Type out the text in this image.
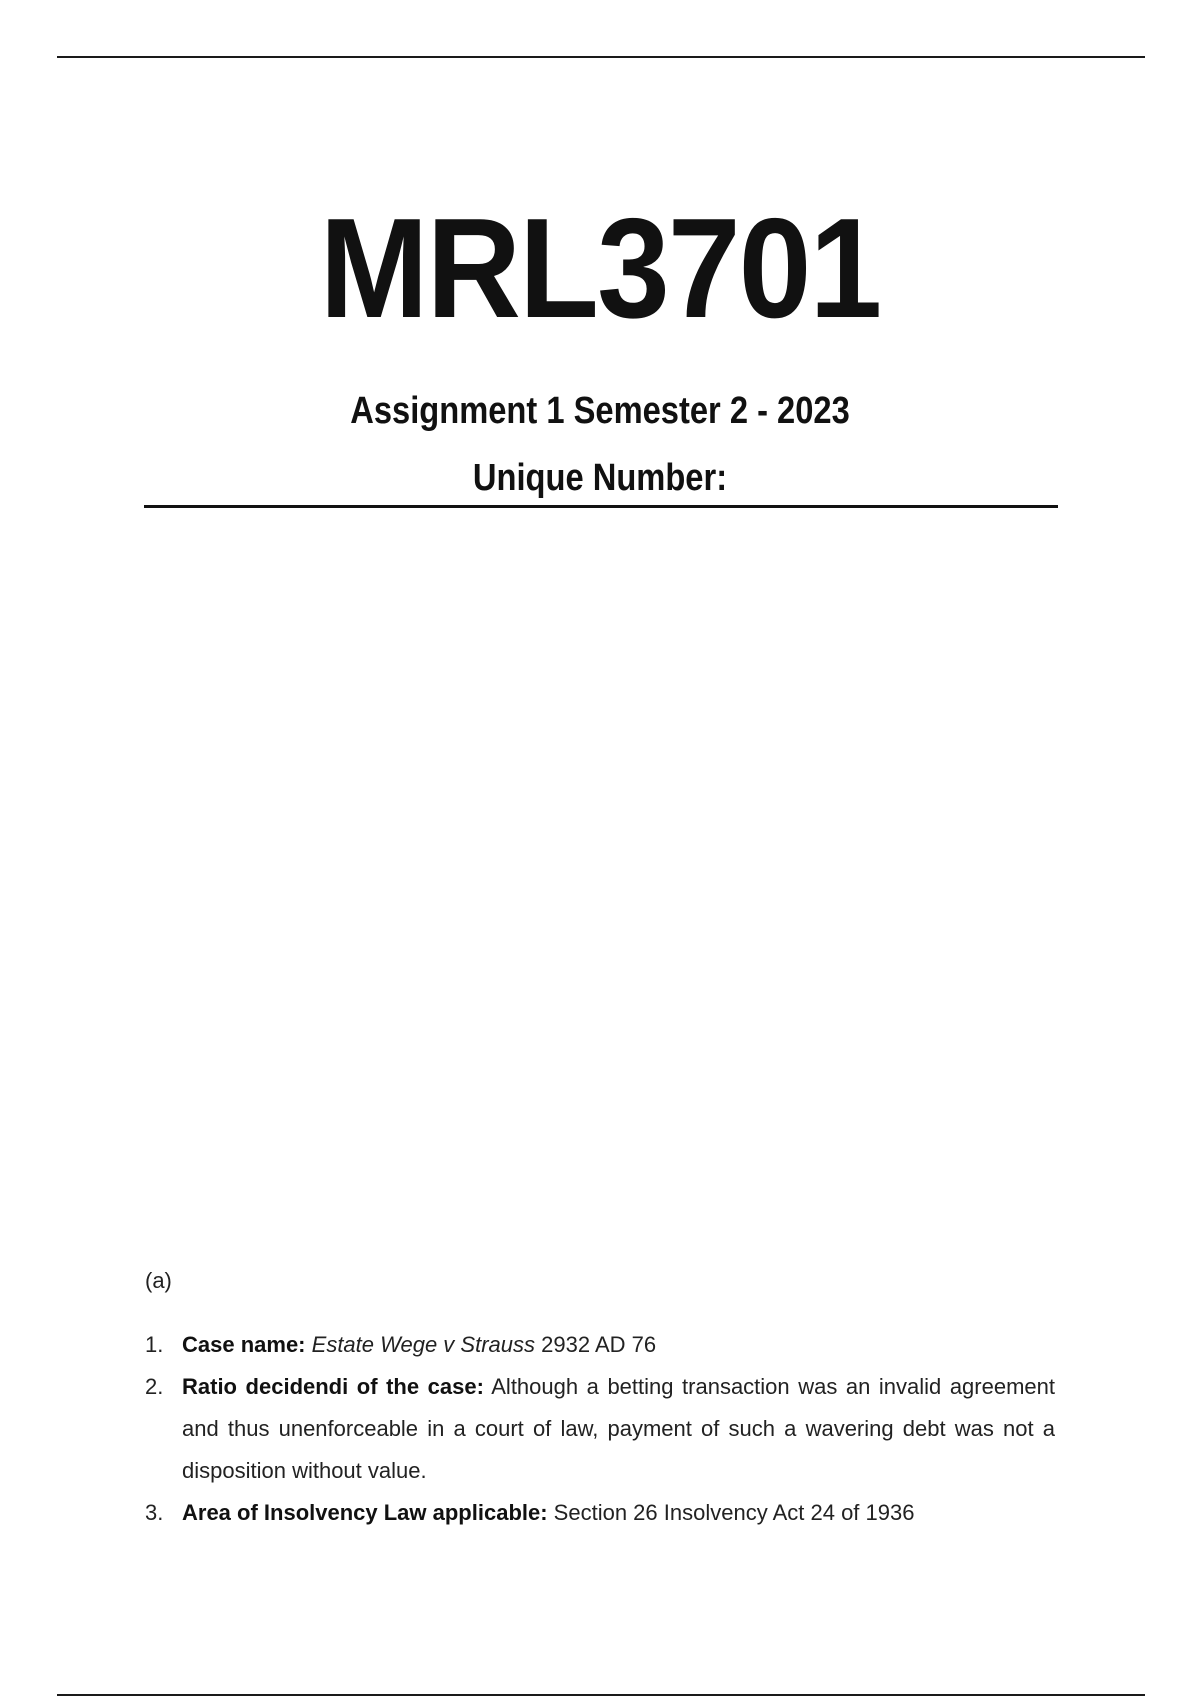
MRL3701
Assignment 1 Semester 2 - 2023
Unique Number:
(a)
1. Case name: Estate Wege v Strauss 2932 AD 76
2. Ratio decidendi of the case: Although a betting transaction was an invalid agreement and thus unenforceable in a court of law, payment of such a wavering debt was not a disposition without value.
3. Area of Insolvency Law applicable: Section 26 Insolvency Act 24 of 1936
